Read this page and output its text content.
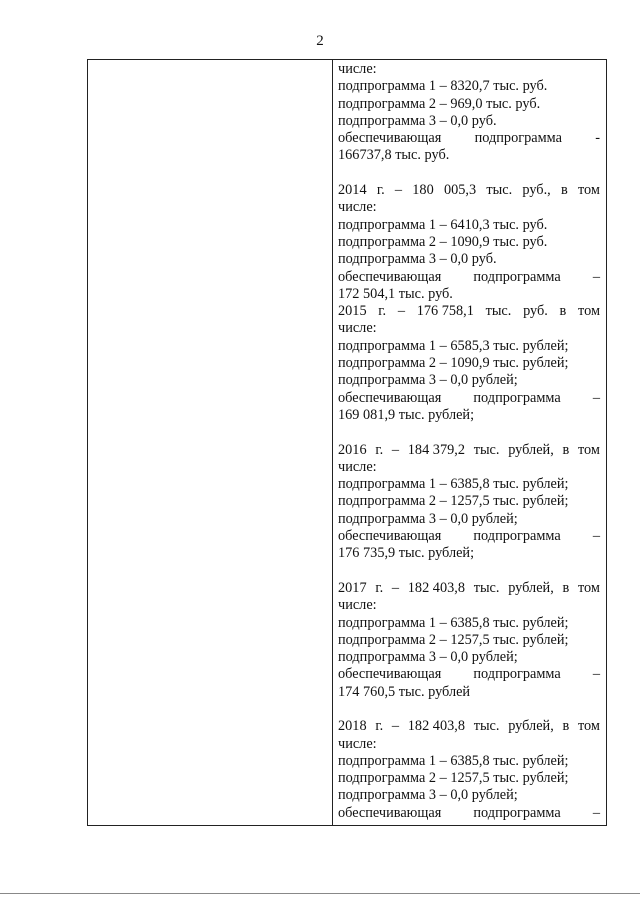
2
числе:
подпрограмма 1 – 8320,7 тыс. руб.
подпрограмма 2 – 969,0 тыс. руб.
подпрограмма 3 – 0,0 руб.
обеспечивающая подпрограмма -
166737,8 тыс. руб.
2014 г. – 180 005,3 тыс. руб., в том
числе:
подпрограмма 1 – 6410,3 тыс. руб.
подпрограмма 2 – 1090,9 тыс. руб.
подпрограмма 3 – 0,0 руб.
обеспечивающая подпрограмма –
172 504,1 тыс. руб.
2015 г. – 176 758,1 тыс. руб. в том
числе:
подпрограмма 1 – 6585,3 тыс. рублей;
подпрограмма 2 – 1090,9 тыс. рублей;
подпрограмма 3 – 0,0 рублей;
обеспечивающая подпрограмма –
169 081,9 тыс. рублей;
2016 г. – 184 379,2 тыс. рублей, в том
числе:
подпрограмма 1 – 6385,8 тыс. рублей;
подпрограмма 2 – 1257,5 тыс. рублей;
подпрограмма 3 – 0,0 рублей;
обеспечивающая подпрограмма –
176 735,9 тыс. рублей;
2017 г. – 182 403,8 тыс. рублей, в том
числе:
подпрограмма 1 – 6385,8 тыс. рублей;
подпрограмма 2 – 1257,5 тыс. рублей;
подпрограмма 3 – 0,0 рублей;
обеспечивающая подпрограмма –
174 760,5 тыс. рублей
2018 г. – 182 403,8 тыс. рублей, в том
числе:
подпрограмма 1 – 6385,8 тыс. рублей;
подпрограмма 2 – 1257,5 тыс. рублей;
подпрограмма 3 – 0,0 рублей;
обеспечивающая подпрограмма –
